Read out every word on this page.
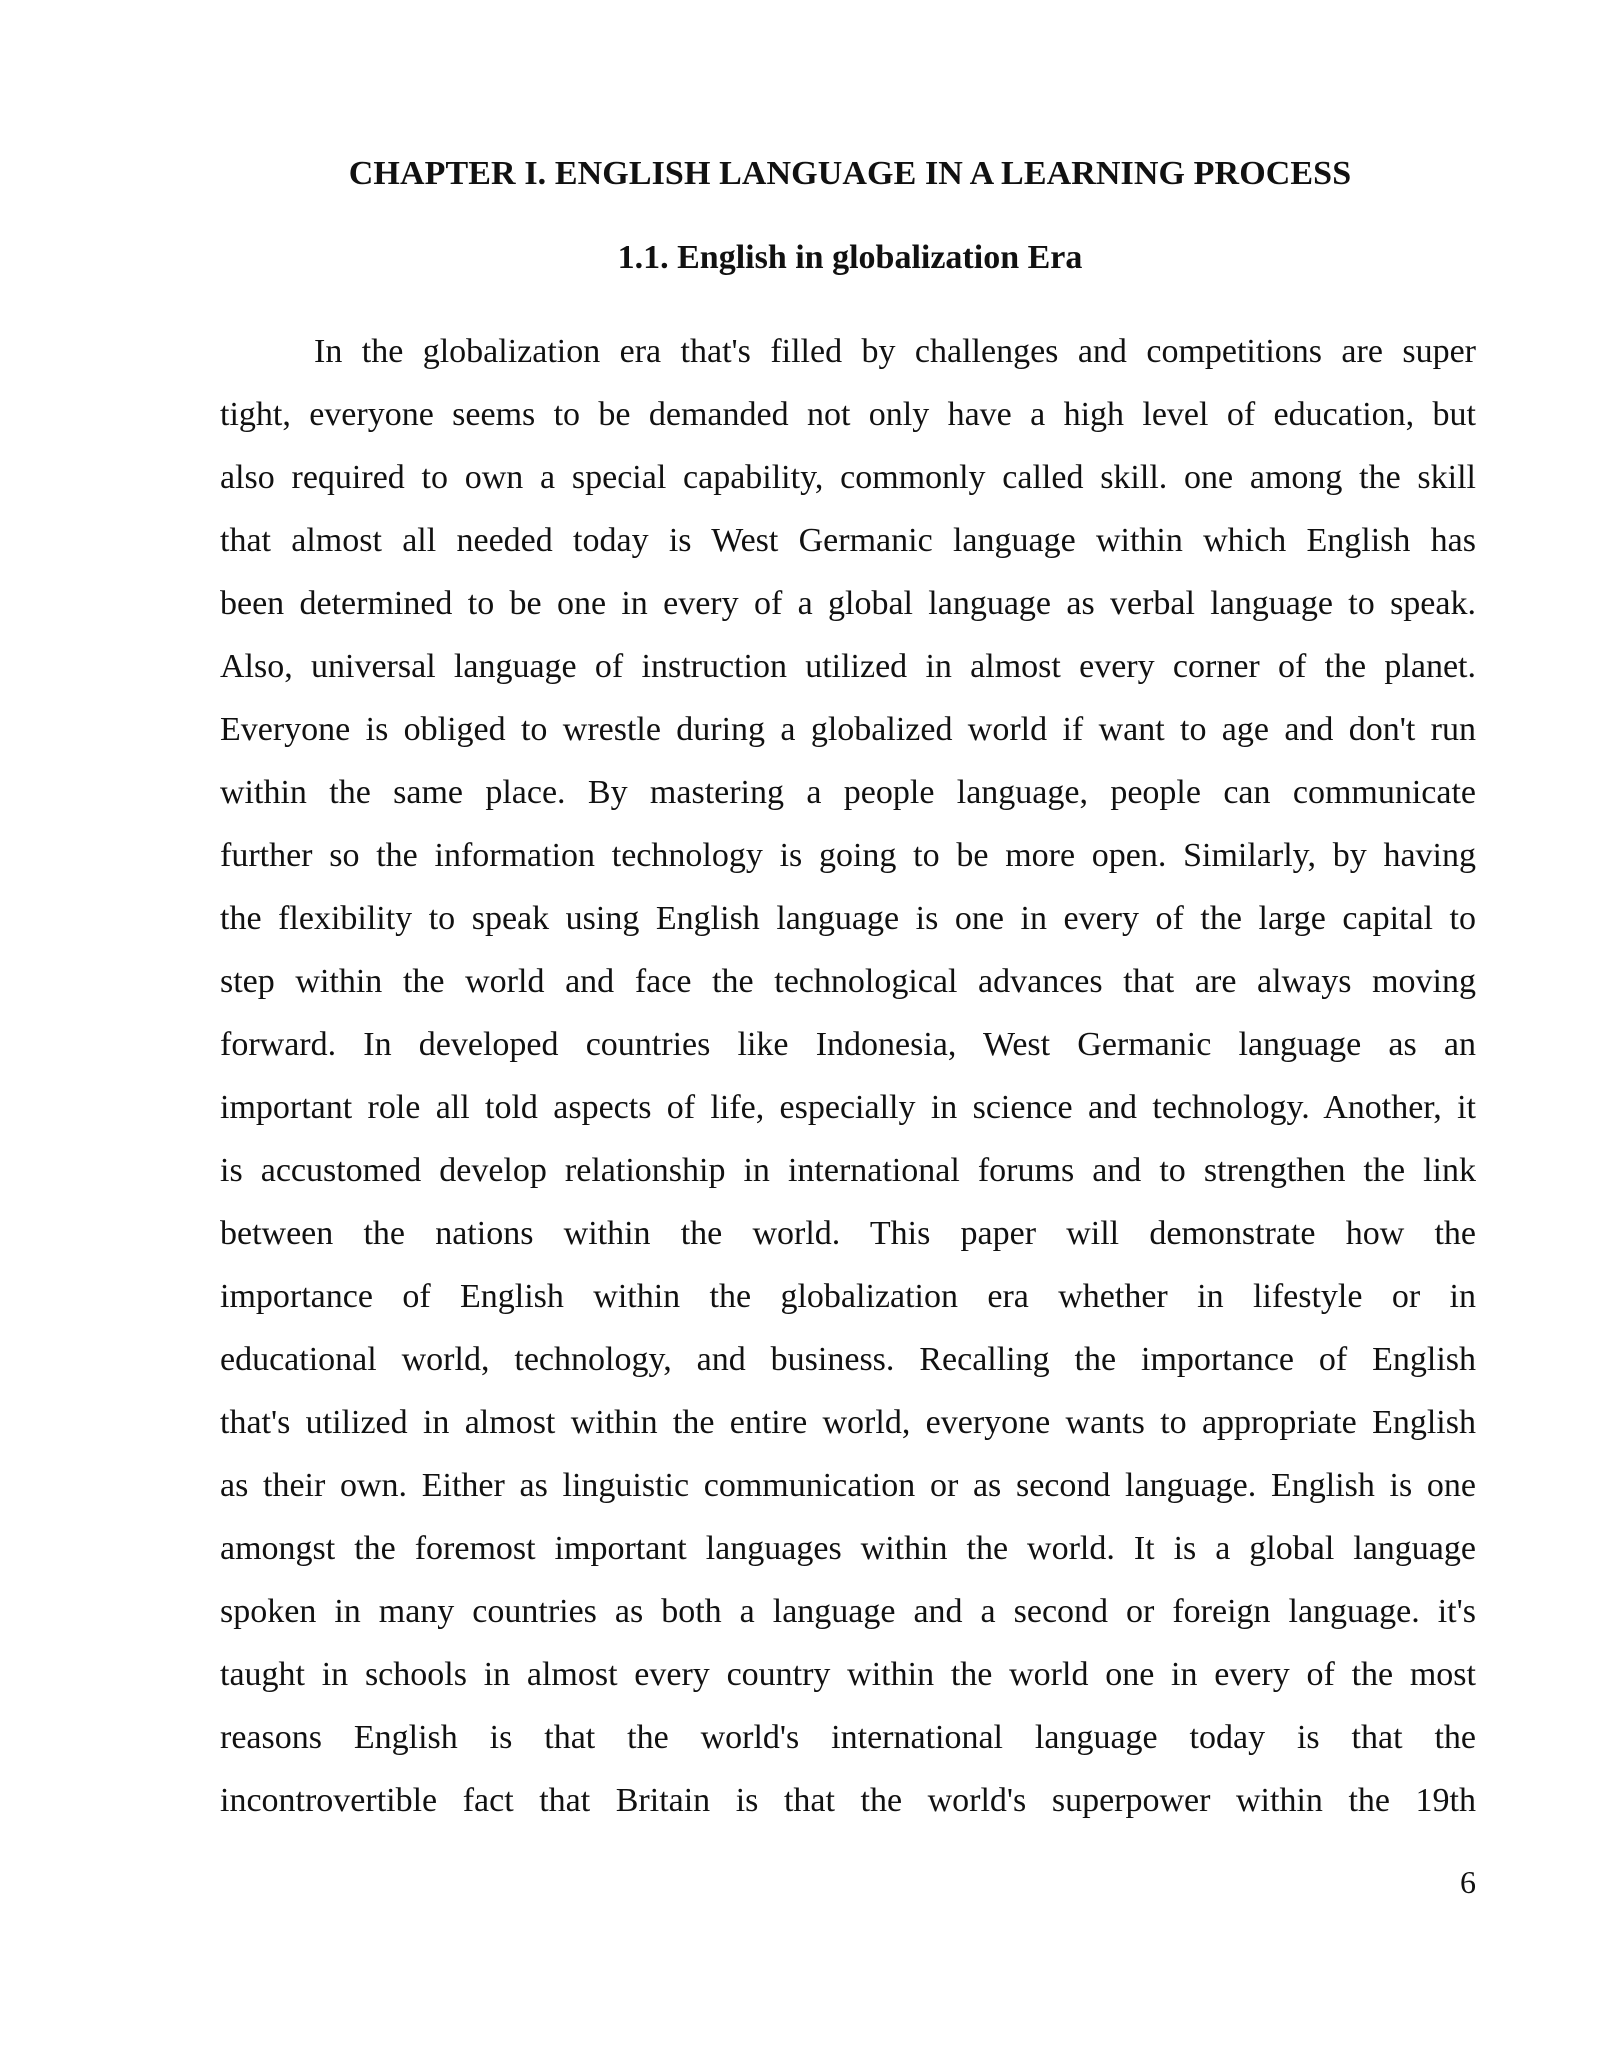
CHAPTER I. ENGLISH LANGUAGE IN A LEARNING PROCESS
1.1. English in globalization Era
In the globalization era that's filled by challenges and competitions are super
tight, everyone seems to be demanded not only have a high level of education, but
also required to own a special capability, commonly called skill. one among the skill
that almost all needed today is West Germanic language within which English has
been determined to be one in every of a global language as verbal language to speak.
Also, universal language of instruction utilized in almost every corner of the planet.
Everyone is obliged to wrestle during a globalized world if want to age and don't run
within the same place. By mastering a people language, people can communicate
further so the information technology is going to be more open. Similarly, by having
the flexibility to speak using English language is one in every of the large capital to
step within the world and face the technological advances that are always moving
forward. In developed countries like Indonesia, West Germanic language as an
important role all told aspects of life, especially in science and technology. Another, it
is accustomed develop relationship in international forums and to strengthen the link
between the nations within the world. This paper will demonstrate how the
importance of English within the globalization era whether in lifestyle or in
educational world, technology, and business. Recalling the importance of English
that's utilized in almost within the entire world, everyone wants to appropriate English
as their own. Either as linguistic communication or as second language. English is one
amongst the foremost important languages within the world. It is a global language
spoken in many countries as both a language and a second or foreign language. it's
taught in schools in almost every country within the world one in every of the most
reasons English is that the world's international language today is that the
incontrovertible fact that Britain is that the world's superpower within the 19th
6
